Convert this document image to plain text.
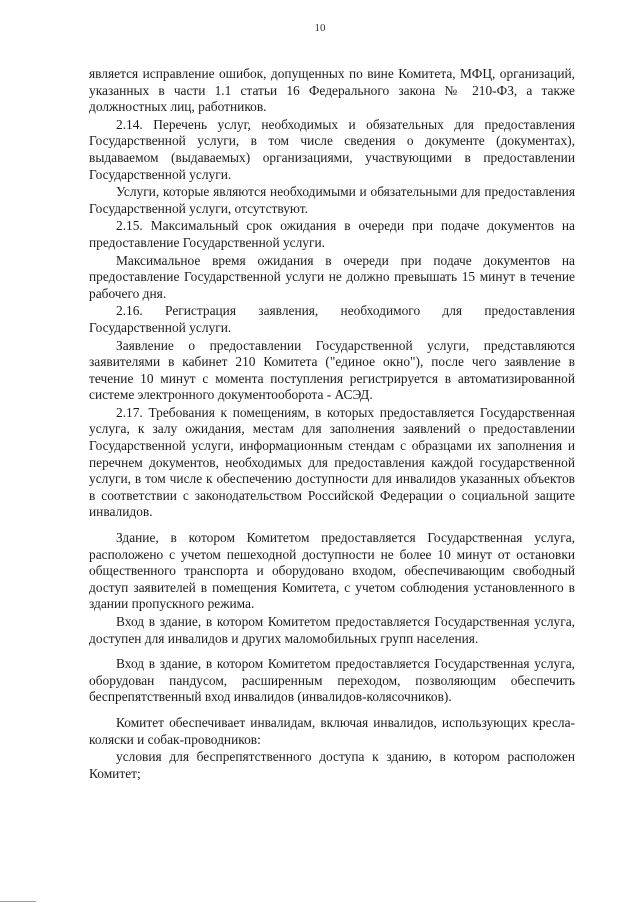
10

является исправление ошибок, допущенных по вине Комитета, МФЦ, организаций, указанных в части 1.1 статьи 16 Федерального закона № 210-ФЗ, а также должностных лиц, работников.

2.14. Перечень услуг, необходимых и обязательных для предоставления Государственной услуги, в том числе сведения о документе (документах), выдаваемом (выдаваемых) организациями, участвующими в предоставлении Государственной услуги.

Услуги, которые являются необходимыми и обязательными для предоставления Государственной услуги, отсутствуют.

2.15. Максимальный срок ожидания в очереди при подаче документов на предоставление Государственной услуги.

Максимальное время ожидания в очереди при подаче документов на предоставление Государственной услуги не должно превышать 15 минут в течение рабочего дня.

2.16. Регистрация заявления, необходимого для предоставления Государственной услуги.

Заявление о предоставлении Государственной услуги, представляются заявителями в кабинет 210 Комитета ("единое окно"), после чего заявление в течение 10 минут с момента поступления регистрируется в автоматизированной системе электронного документооборота - АСЭД.

2.17. Требования к помещениям, в которых предоставляется Государственная услуга, к залу ожидания, местам для заполнения заявлений о предоставлении Государственной услуги, информационным стендам с образцами их заполнения и перечнем документов, необходимых для предоставления каждой государственной услуги, в том числе к обеспечению доступности для инвалидов указанных объектов в соответствии с законодательством Российской Федерации о социальной защите инвалидов.

Здание, в котором Комитетом предоставляется Государственная услуга, расположено с учетом пешеходной доступности не более 10 минут от остановки общественного транспорта и оборудовано входом, обеспечивающим свободный доступ заявителей в помещения Комитета, с учетом соблюдения установленного в здании пропускного режима.

Вход в здание, в котором Комитетом предоставляется Государственная услуга, доступен для инвалидов и других маломобильных групп населения.

Вход в здание, в котором Комитетом предоставляется Государственная услуга, оборудован пандусом, расширенным переходом, позволяющим обеспечить беспрепятственный вход инвалидов (инвалидов-колясочников).

Комитет обеспечивает инвалидам, включая инвалидов, использующих кресла-коляски и собак-проводников:

условия для беспрепятственного доступа к зданию, в котором расположен Комитет;
